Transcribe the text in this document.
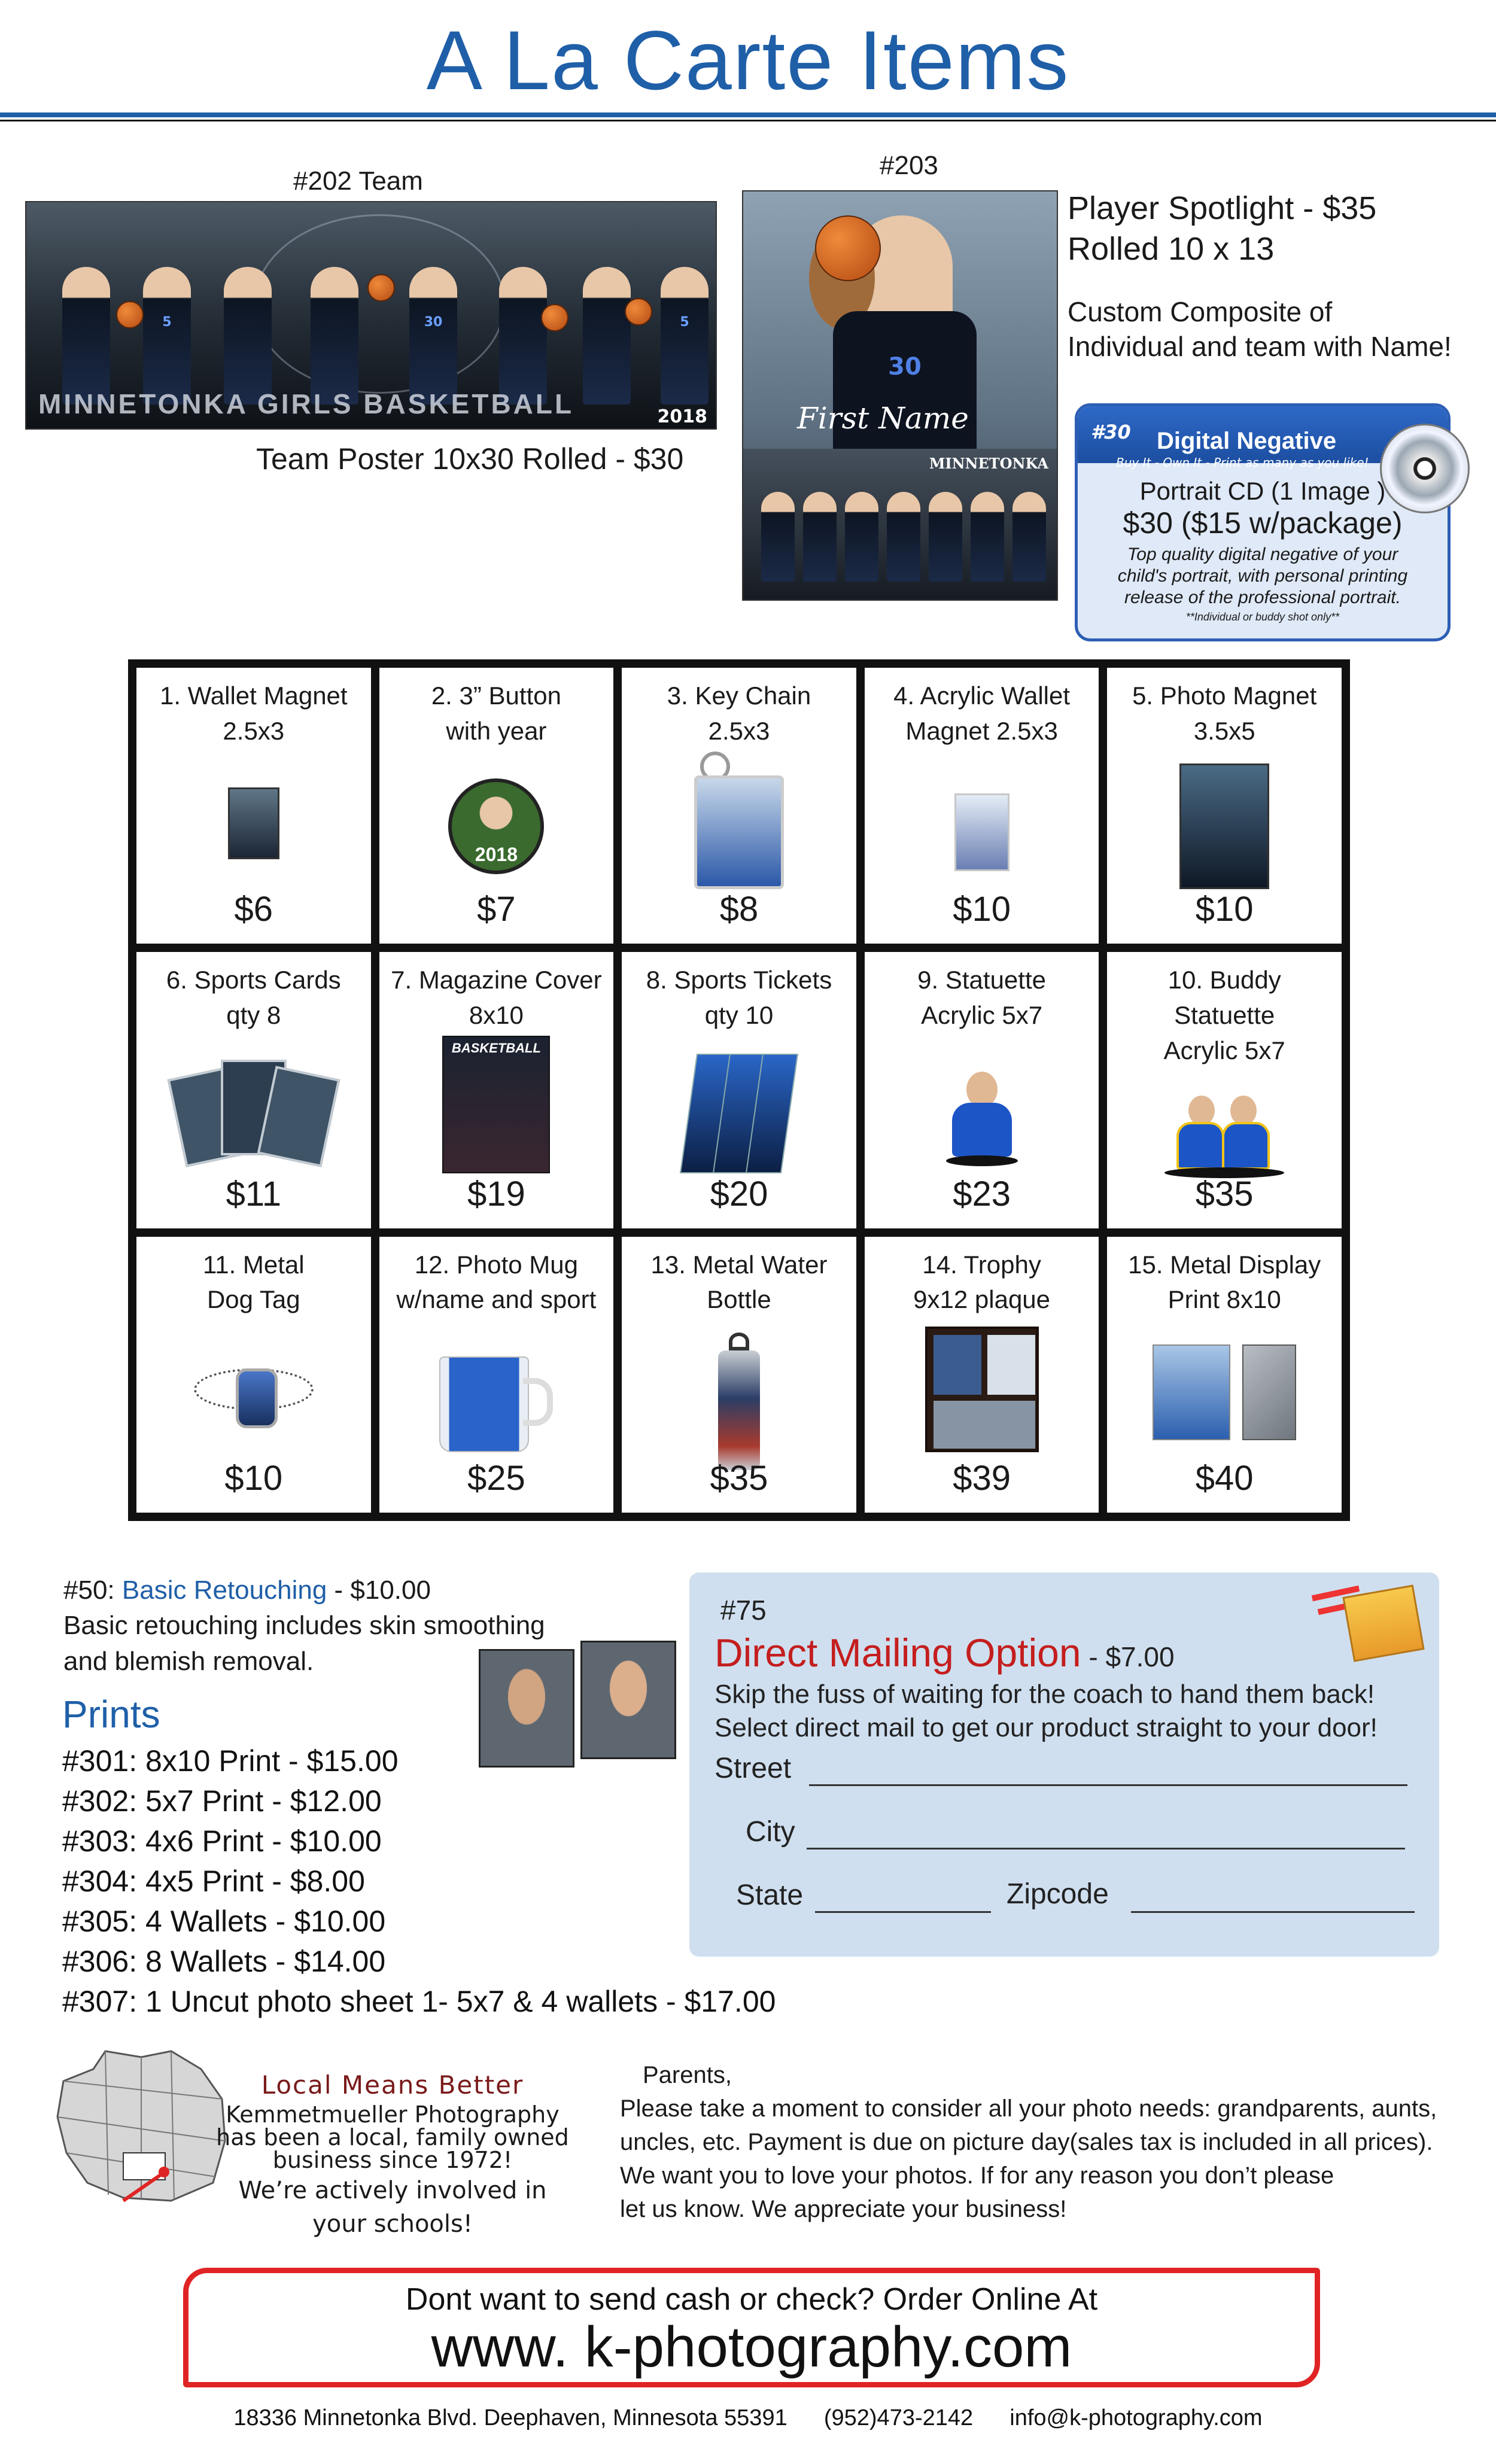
A La Carte Items
#202 Team
5	30	5
MINNETONKA GIRLS BASKETBALL	2018
Team Poster 10x30 Rolled - $30
#203
30
First Name
MINNETONKA
Player Spotlight - $35
Rolled 10 x 13
Custom Composite of
Individual and team with Name!
#30 Digital Negative
Buy It - Own It - Print as many as you like!
Portrait CD (1 Image )
$30 ($15 w/package)
Top quality digital negative of your
child's portrait, with personal printing
release of the professional portrait.
**Individual or buddy shot only**
1. Wallet Magnet
2.5x3
$6
2. 3” Button
with year
2018
$7
3. Key Chain
2.5x3
$8
4. Acrylic Wallet
Magnet 2.5x3
$10
5. Photo Magnet
3.5x5
$10
6. Sports Cards
qty 8
$11
7. Magazine Cover
8x10
BASKETBALL
$19
8. Sports Tickets
qty 10
$20
9. Statuette
Acrylic 5x7
$23
10. Buddy
Statuette
Acrylic 5x7
$35
11. Metal
Dog Tag
$10
12. Photo Mug
w/name and sport
$25
13. Metal Water
Bottle
$35
14. Trophy
9x12 plaque
$39
15. Metal Display
Print 8x10
$40
#50: Basic Retouching - $10.00
Basic retouching includes skin smoothing
and blemish removal.
Prints
#301: 8x10 Print - $15.00
#302: 5x7 Print - $12.00
#303: 4x6 Print - $10.00
#304: 4x5 Print - $8.00
#305: 4 Wallets - $10.00
#306: 8 Wallets - $14.00
#307: 1 Uncut photo sheet 1- 5x7 & 4 wallets - $17.00
#75
Direct Mailing Option - $7.00
Skip the fuss of waiting for the coach to hand them back!
Select direct mail to get our product straight to your door!
Street
City
State	Zipcode
Local Means Better
Kemmetmueller Photography
has been a local, family owned
business since 1972!
We’re actively involved in
your schools!
Parents,
Please take a moment to consider all your photo needs: grandparents, aunts,
uncles, etc. Payment is due on picture day(sales tax is included in all prices).
We want you to love your photos. If for any reason you don’t please
let us know. We appreciate your business!
Dont want to send cash or check? Order Online At
www. k-photography.com
18336 Minnetonka Blvd. Deephaven, Minnesota 55391 (952)473-2142 info@k-photography.com
